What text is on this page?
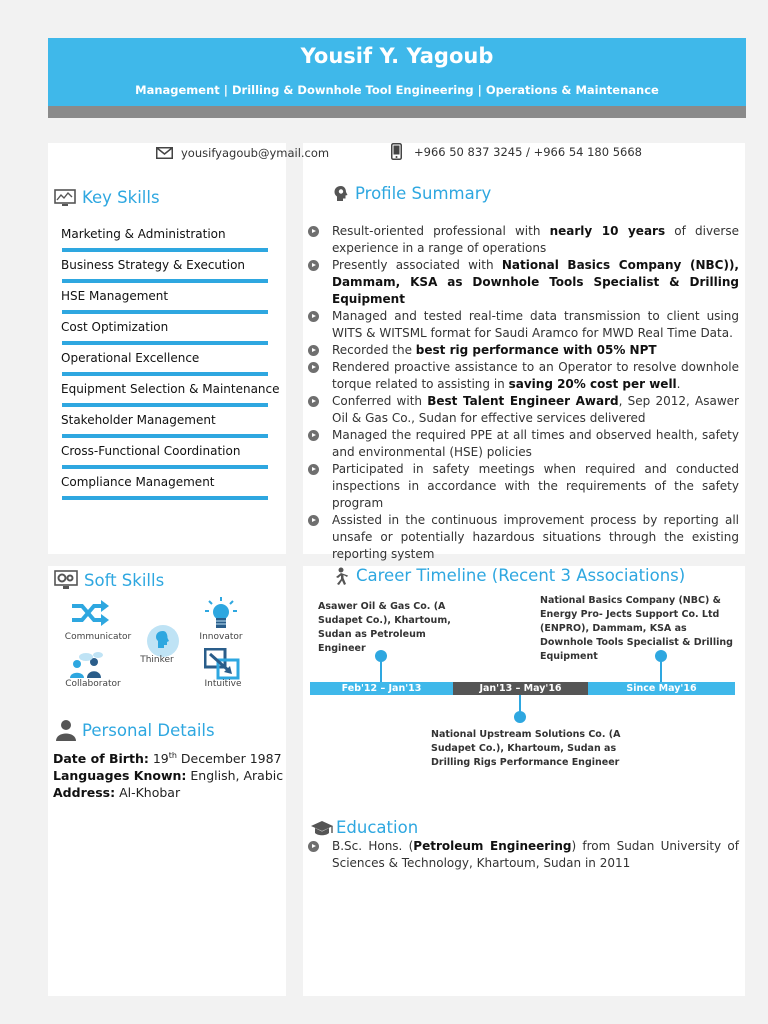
Yousif Y. Yagoub
Management | Drilling & Downhole Tool Engineering | Operations & Maintenance
yousifyagoub@ymail.com	+966 50 837 3245 / +966 54 180 5668
Key Skills
Marketing & Administration
Business Strategy & Execution
HSE Management
Cost Optimization
Operational Excellence
Equipment Selection & Maintenance
Stakeholder Management
Cross-Functional Coordination
Compliance Management
Profile Summary
Result-oriented professional with nearly 10 years of diverse experience in a range of operations
Presently associated with National Basics Company (NBC)), Dammam, KSA as Downhole Tools Specialist & Drilling Equipment
Managed and tested real-time data transmission to client using WITS & WITSML format for Saudi Aramco for MWD Real Time Data.
Recorded the best rig performance with 05% NPT
Rendered proactive assistance to an Operator to resolve downhole torque related to assisting in saving 20% cost per well.
Conferred with Best Talent Engineer Award, Sep 2012, Asawer Oil & Gas Co., Sudan for effective services delivered
Managed the required PPE at all times and observed health, safety and environmental (HSE) policies
Participated in safety meetings when required and conducted inspections in accordance with the requirements of the safety program
Assisted in the continuous improvement process by reporting all unsafe or potentially hazardous situations through the existing reporting system
Soft Skills
Communicator
Thinker
Innovator
Collaborator	Intuitive
Personal Details
Date of Birth: 19th December 1987
Languages Known: English, Arabic
Address: Al-Khobar
Career Timeline (Recent 3 Associations)
Asawer Oil & Gas Co. (A Sudapet Co.), Khartoum, Sudan as Petroleum Engineer
National Basics Company (NBC) & Energy Pro- Jects Support Co. Ltd (ENPRO), Dammam, KSA as Downhole Tools Specialist & Drilling Equipment
Feb'12 – Jan'13	Jan'13 – May'16	Since May'16
National Upstream Solutions Co. (A Sudapet Co.), Khartoum, Sudan as Drilling Rigs Performance Engineer
Education
B.Sc. Hons. (Petroleum Engineering) from Sudan University of Sciences & Technology, Khartoum, Sudan in 2011
